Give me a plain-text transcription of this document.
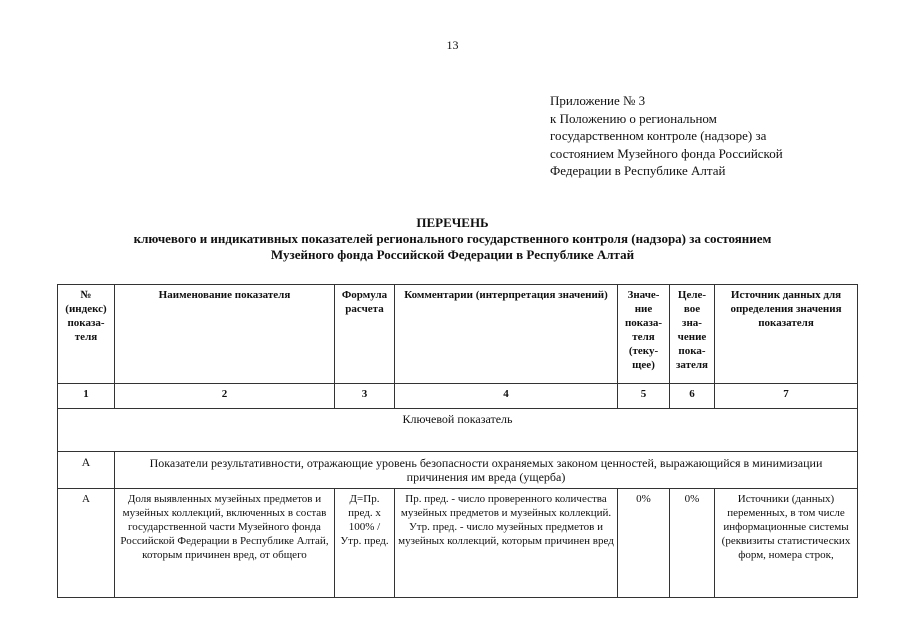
13
Приложение № 3
к Положению о региональном
государственном контроле (надзоре) за
состоянием Музейного фонда Российской
Федерации в Республике Алтай
ПЕРЕЧЕНЬ
ключевого и индикативных показателей регионального государственного контроля (надзора) за состоянием
Музейного фонда Российской Федерации в Республике Алтай
№ (индекс) показа-теля	Наименование показателя	Формула расчета	Комментарии (интерпретация значений)	Значе-ние показа-теля (теку-щее)	Целе-вое зна-чение пока-зателя	Источник данных для определения значения показателя
1	2	3	4	5	6	7
Ключевой показатель						
А	Показатели результативности, отражающие уровень безопасности охраняемых законом ценностей, выражающийся в минимизации причинения им вреда (ущерба)					
А	Доля выявленных музейных предметов и музейных коллекций, включенных в состав государственной части Музейного фонда Российской Федерации в Республике Алтай, которым причинен вред, от общего	Д=Пр. пред. x 100% / Утр. пред.	Пр. пред. - число проверенного количества музейных предметов и музейных коллекций. Утр. пред. - число музейных предметов и музейных коллекций, которым причинен вред	0%	0%	Источники (данных) переменных, в том числе информационные системы (реквизиты статистических форм, номера строк,
